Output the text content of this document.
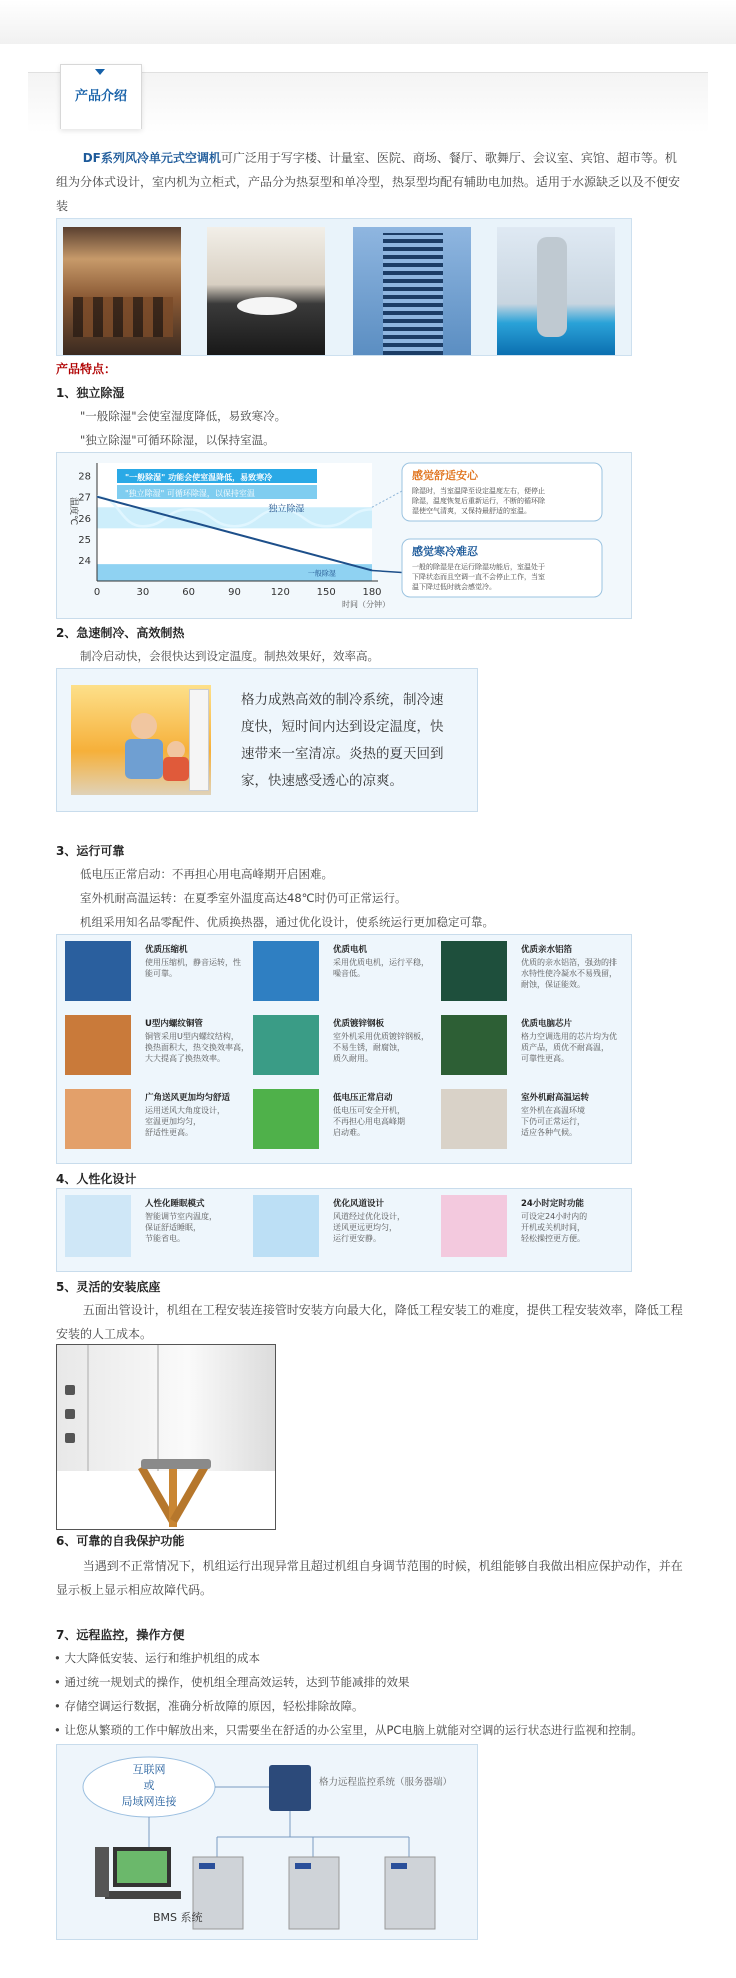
产品介绍
DF系列风冷单元式空调机可广泛用于写字楼、计量室、医院、商场、餐厅、歌舞厅、会议室、宾馆、超市等。机
组为分体式设计，室内机为立柜式，产品分为热泵型和单冷型，热泵型均配有辅助电加热。适用于水源缺乏以及不便安装
产品特点：
1、独立除湿
"一般除湿"会使室湿度降低，易致寒冷。
"独立除湿"可循环除湿，以保持室温。
"一般除湿" 功能会使室温降低，易致寒冷
"独立除湿" 可循环除湿，以保持室温
24
25
26
27
28
0	30	60	90	120	150	180
温度℃
时间（分钟）
独立除湿
一般除湿
感觉舒适安心
除湿时，当室温降至设定温度左右，便停止
除湿，温度恢复后重新运行，不断的循环除
湿使空气清爽，又保持最舒适的室温。
感觉寒冷难忍
一般的除湿是在运行除湿功能后，室温处于
下降状态而且空调一直不会停止工作，当室
温下降过低时就会感觉冷。
2、急速制冷、高效制热
制冷启动快，会很快达到设定温度。制热效果好，效率高。
格力成熟高效的制冷系统，制冷速
度快，短时间内达到设定温度，快
速带来一室清凉。炎热的夏天回到
家，快速感受透心的凉爽。
3、运行可靠
低电压正常启动：不再担心用电高峰期开启困难。
室外机耐高温运转：在夏季室外温度高达48℃时仍可正常运行。
机组采用知名品零配件、优质换热器，通过优化设计，使系统运行更加稳定可靠。
优质压缩机
使用压缩机，静音运转，性
能可靠。
优质电机
采用优质电机，运行平稳，
噪音低。
优质亲水铝箔
优质的亲水铝箔，强劲的排
水特性使冷凝水不易残留，
耐蚀，保证能效。
U型内螺纹铜管
铜管采用U型内螺纹结构，
换热面积大，热交换效率高，
大大提高了换热效率。
优质镀锌钢板
室外机采用优质镀锌钢板，
不易生锈，耐腐蚀，
质久耐用。
优质电脑芯片
格力空调选用的芯片均为优
质产品，质优不耐高温，
可靠性更高。
广角送风更加均匀舒适
运用送风大角度设计，
室温更加均匀，
舒适性更高。
低电压正常启动
低电压可安全开机，
不再担心用电高峰期
启动难。
室外机耐高温运转
室外机在高温环境
下仍可正常运行，
适应各种气候。
4、人性化设计
人性化睡眠模式
智能调节室内温度，
保证舒适睡眠，
节能省电。
优化风道设计
风道经过优化设计，
送风更远更均匀，
运行更安静。
24小时定时功能
可设定24小时内的
开机或关机时间，
轻松操控更方便。
5、灵活的安装底座
五面出管设计，机组在工程安装连接管时安装方向最大化，降低工程安装工的难度，提供工程安装效率，降低工程
安装的人工成本。
6、可靠的自我保护功能
当遇到不正常情况下，机组运行出现异常且超过机组自身调节范围的时候，机组能够自我做出相应保护动作，并在
显示板上显示相应故障代码。
7、远程监控，操作方便
• 大大降低安装、运行和维护机组的成本
• 通过统一规划式的操作，使机组全理高效运转，达到节能减排的效果
• 存储空调运行数据，准确分析故障的原因，轻松排除故障。
• 让您从繁琐的工作中解放出来，只需要坐在舒适的办公室里，从PC电脑上就能对空调的运行状态进行监视和控制。
互联网
或
局域网连接
格力远程监控系统（服务器端）
BMS 系统
